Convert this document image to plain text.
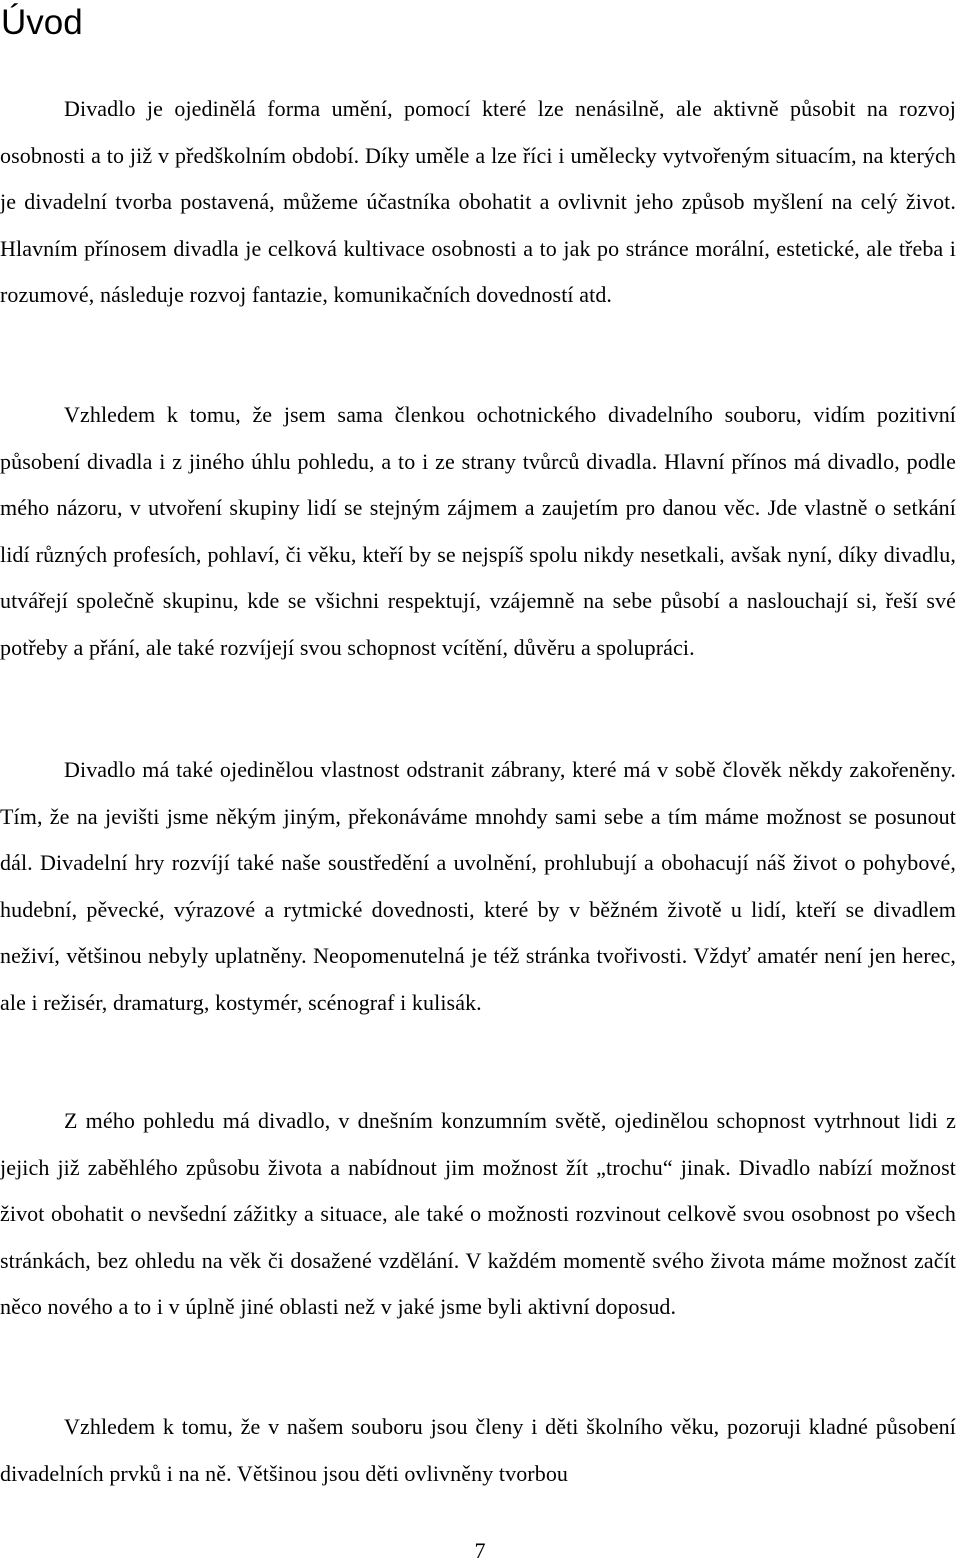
Úvod

Divadlo je ojedinělá forma umění, pomocí které lze nenásilně, ale aktivně působit na rozvoj osobnosti a to již v předškolním období. Díky uměle a lze říci i umělecky vytvořeným situacím, na kterých je divadelní tvorba postavená, můžeme účastníka obohatit a ovlivnit jeho způsob myšlení na celý život. Hlavním přínosem divadla je celková kultivace osobnosti a to jak po stránce morální, estetické, ale třeba i rozumové, následuje rozvoj fantazie, komunikačních dovedností atd.

Vzhledem k tomu, že jsem sama členkou ochotnického divadelního souboru, vidím pozitivní působení divadla i z jiného úhlu pohledu, a to i ze strany tvůrců divadla. Hlavní přínos má divadlo, podle mého názoru, v utvoření skupiny lidí se stejným zájmem a zaujetím pro danou věc. Jde vlastně o setkání lidí různých profesích, pohlaví, či věku, kteří by se nejspíš spolu nikdy nesetkali, avšak nyní, díky divadlu, utvářejí společně skupinu, kde se všichni respektují, vzájemně na sebe působí a naslouchají si, řeší své potřeby a přání, ale také rozvíjejí svou schopnost vcítění, důvěru a spolupráci.

Divadlo má také ojedinělou vlastnost odstranit zábrany, které má v sobě člověk někdy zakořeněny. Tím, že na jevišti jsme někým jiným, překonáváme mnohdy sami sebe a tím máme možnost se posunout dál. Divadelní hry rozvíjí také naše soustředění a uvolnění, prohlubují a obohacují náš život o pohybové, hudební, pěvecké, výrazové a rytmické dovednosti, které by v běžném životě u lidí, kteří se divadlem neživí, většinou nebyly uplatněny. Neopomenutelná je též stránka tvořivosti. Vždyť amatér není jen herec, ale i režisér, dramaturg, kostymér, scénograf i kulisák.

Z mého pohledu má divadlo, v dnešním konzumním světě, ojedinělou schopnost vytrhnout lidi z jejich již zaběhlého způsobu života a nabídnout jim možnost žít „trochu“ jinak. Divadlo nabízí možnost život obohatit o nevšední zážitky a situace, ale také o možnosti rozvinout celkově svou osobnost po všech stránkách, bez ohledu na věk či dosažené vzdělání. V každém momentě svého života máme možnost začít něco nového a to i v úplně jiné oblasti než v jaké jsme byli aktivní doposud.

Vzhledem k tomu, že v našem souboru jsou členy i děti školního věku, pozoruji kladné působení divadelních prvků i na ně. Většinou jsou děti ovlivněny tvorbou

7
